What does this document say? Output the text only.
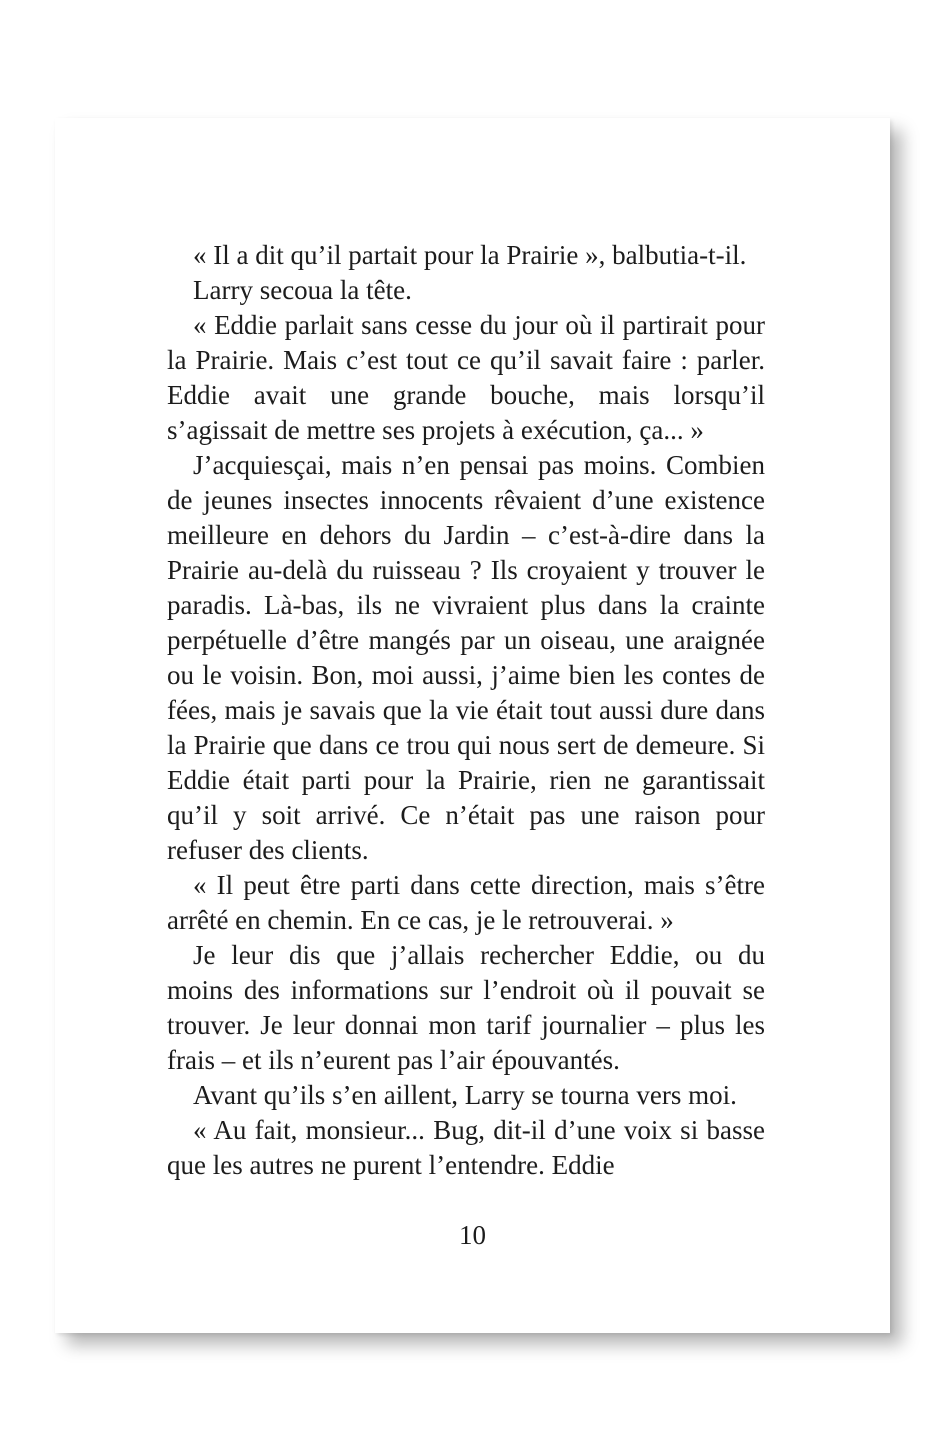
« Il a dit qu’il partait pour la Prairie », balbutia-t-il.

Larry secoua la tête.

« Eddie parlait sans cesse du jour où il partirait pour la Prairie. Mais c’est tout ce qu’il savait faire : parler. Eddie avait une grande bouche, mais lorsqu’il s’agissait de mettre ses projets à exécution, ça... »

J’acquiesçai, mais n’en pensai pas moins. Combien de jeunes insectes innocents rêvaient d’une existence meilleure en dehors du Jardin – c’est-à-dire dans la Prairie au-delà du ruisseau ? Ils croyaient y trouver le paradis. Là-bas, ils ne vivraient plus dans la crainte perpétuelle d’être mangés par un oiseau, une araignée ou le voisin. Bon, moi aussi, j’aime bien les contes de fées, mais je savais que la vie était tout aussi dure dans la Prairie que dans ce trou qui nous sert de demeure. Si Eddie était parti pour la Prairie, rien ne garantissait qu’il y soit arrivé. Ce n’était pas une raison pour refuser des clients.

« Il peut être parti dans cette direction, mais s’être arrêté en chemin. En ce cas, je le retrouverai. »

Je leur dis que j’allais rechercher Eddie, ou du moins des informations sur l’endroit où il pouvait se trouver. Je leur donnai mon tarif journalier – plus les frais – et ils n’eurent pas l’air épouvantés.

Avant qu’ils s’en aillent, Larry se tourna vers moi.

« Au fait, monsieur... Bug, dit-il d’une voix si basse que les autres ne purent l’entendre. Eddie

10
